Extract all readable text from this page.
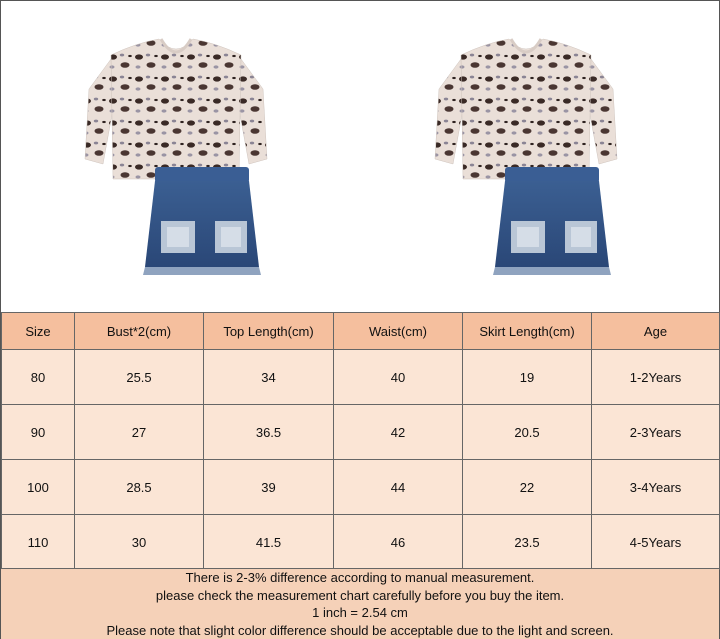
Size	Bust*2(cm)	Top Length(cm)	Waist(cm)	Skirt Length(cm)	Age
80	25.5	34	40	19	1-2Years
90	27	36.5	42	20.5	2-3Years
100	28.5	39	44	22	3-4Years
110	30	41.5	46	23.5	4-5Years
There is 2-3% difference according to manual measurement.
please check the measurement chart carefully before you buy the item.
1 inch = 2.54 cm
Please note that slight color difference should be acceptable due to the light and screen.
